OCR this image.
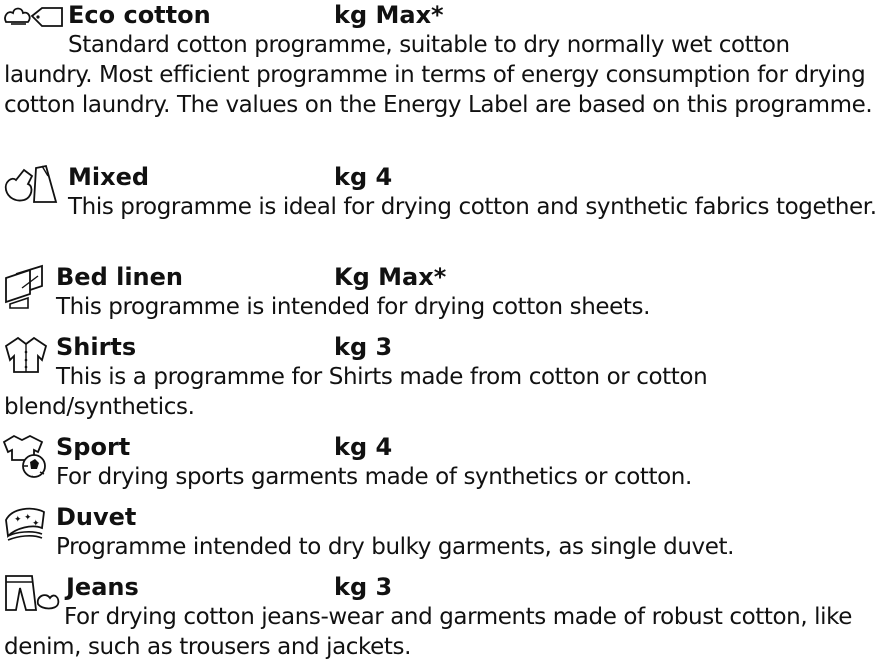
Eco cotton	kg Max*
Standard cotton programme, suitable to dry normally wet cotton laundry. Most efficient programme in terms of energy consumption for drying cotton laundry. The values on the Energy Label are based on this programme.
Mixed	kg 4
This programme is ideal for drying cotton and synthetic fabrics together.
Bed linen	Kg Max*
This programme is intended for drying cotton sheets.
Shirts	kg 3
This is a programme for Shirts made from cotton or cotton blend/synthetics.
Sport	kg 4
For drying sports garments made of synthetics or cotton.
✦ ✦
✦ Duvet
Programme intended to dry bulky garments, as single duvet.
Jeans	kg 3
For drying cotton jeans-wear and garments made of robust cotton, like denim, such as trousers and jackets.
